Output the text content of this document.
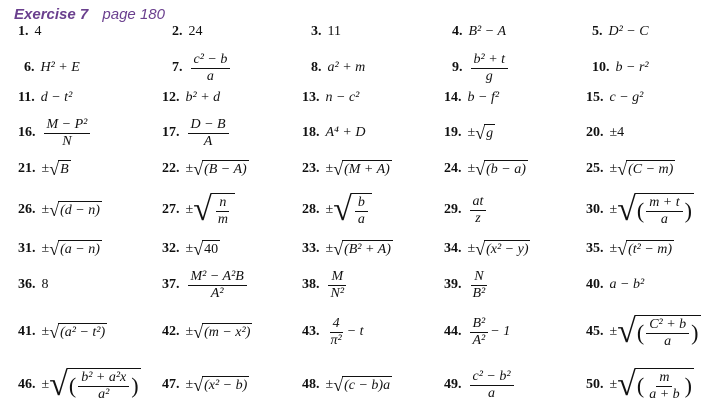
Exercise 7 page 180
1. 4	2. 24	3. 11	4. B² − A	5. D² − C
6. H² + E	7. $\frac{\text{c² − b}}{a}$	8. a² + m	9. $\frac{\text{b² + t}}{g}$	10. b − r²
11. d − t²	12. b² + d	13. n − c²	14. b − f²	15. c − g²
16. $\frac{\text{M − P²}}{N}$	17. $\frac{D - B}{A}$	18. A⁴ + D	19. ± √ g	20. ±4
21. ± √ B	22. ± √ (B − A)	23. ± √ (M + A)	24. ± √ (b − a)	25. ± √ (C − m)
26. ± √ (d − n)	27. ± √ $\frac{n}{m}$	28. ± √ $\frac{b}{a}$	29. $\frac{at}{z}$	30. ± √ ( $\frac{m + t}{a}$ )
31. ± √ (a − n)	32. ± √ 40	33. ± √ (B² + A)	34. ± √ (x² − y)	35. ± √ (t² − m)
36. 8	37. $\frac{\text{M² − A²B}}{\text{A²}}$	38. $\frac{M}{\text{N²}}$	39. $\frac{N}{\text{B²}}$	40. a − b²
41. ± √ (a² − t²)	42. ± √ (m − x²)	43. $\frac{4}{\text{π²}} - t$	44. $\frac{\text{B²}}{\text{A²}} - 1$	45. ± √ ( $\frac{\text{C² + b}}{a}$ )
46. ± √ ( $\frac{\text{b² + a²x}}{\text{a²}}$ ) 47. ± √ (x² − b)	48. ± √ (c − b)a	49. $\frac{\text{c² − b²}}{a}$	50. ± √ ( $\frac{m}{a + b}$ )
